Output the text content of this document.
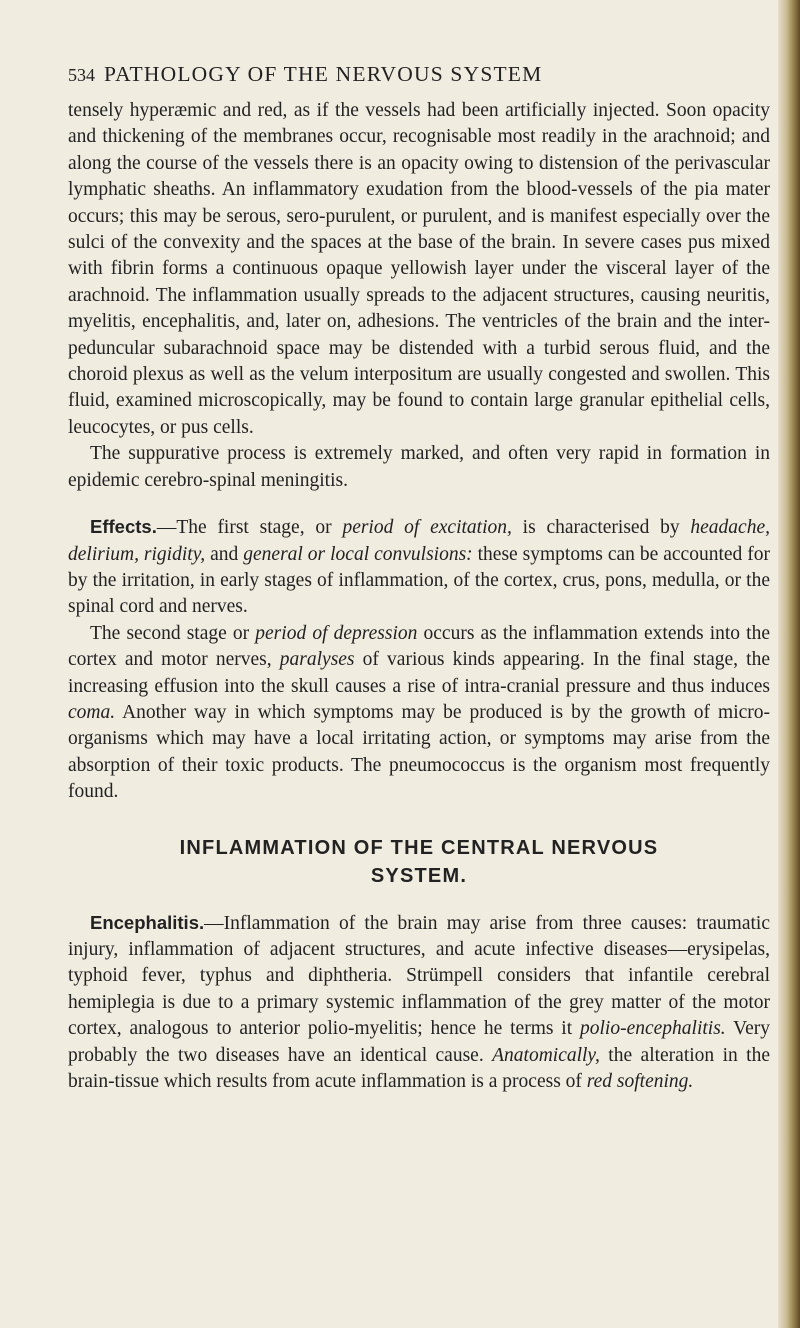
534 PATHOLOGY OF THE NERVOUS SYSTEM

tensely hyperæmic and red, as if the vessels had been artificially injected. Soon opacity and thickening of the membranes occur, recognisable most readily in the arachnoid; and along the course of the vessels there is an opacity owing to distension of the perivascular lymphatic sheaths. An inflammatory exudation from the blood-vessels of the pia mater occurs; this may be serous, sero-purulent, or purulent, and is manifest especially over the sulci of the convexity and the spaces at the base of the brain. In severe cases pus mixed with fibrin forms a continuous opaque yellowish layer under the visceral layer of the arachnoid. The inflammation usually spreads to the adjacent structures, causing neuritis, myelitis, encephalitis, and, later on, adhesions. The ventricles of the brain and the inter-peduncular subarachnoid space may be distended with a turbid serous fluid, and the choroid plexus as well as the velum interpositum are usually congested and swollen. This fluid, examined microscopically, may be found to contain large granular epithelial cells, leucocytes, or pus cells.

The suppurative process is extremely marked, and often very rapid in formation in epidemic cerebro-spinal meningitis.

Effects.—The first stage, or period of excitation, is characterised by headache, delirium, rigidity, and general or local convulsions: these symptoms can be accounted for by the irritation, in early stages of inflammation, of the cortex, crus, pons, medulla, or the spinal cord and nerves.

The second stage or period of depression occurs as the inflammation extends into the cortex and motor nerves, paralyses of various kinds appearing. In the final stage, the increasing effusion into the skull causes a rise of intra-cranial pressure and thus induces coma. Another way in which symptoms may be produced is by the growth of micro-organisms which may have a local irritating action, or symptoms may arise from the absorption of their toxic products. The pneumococcus is the organism most frequently found.

INFLAMMATION OF THE CENTRAL NERVOUS

SYSTEM.

Encephalitis.—Inflammation of the brain may arise from three causes: traumatic injury, inflammation of adjacent structures, and acute infective diseases—erysipelas, typhoid fever, typhus and diphtheria. Strümpell considers that infantile cerebral hemiplegia is due to a primary systemic inflammation of the grey matter of the motor cortex, analogous to anterior polio-myelitis; hence he terms it polio-encephalitis. Very probably the two diseases have an identical cause. Anatomically, the alteration in the brain-tissue which results from acute inflammation is a process of red softening.
